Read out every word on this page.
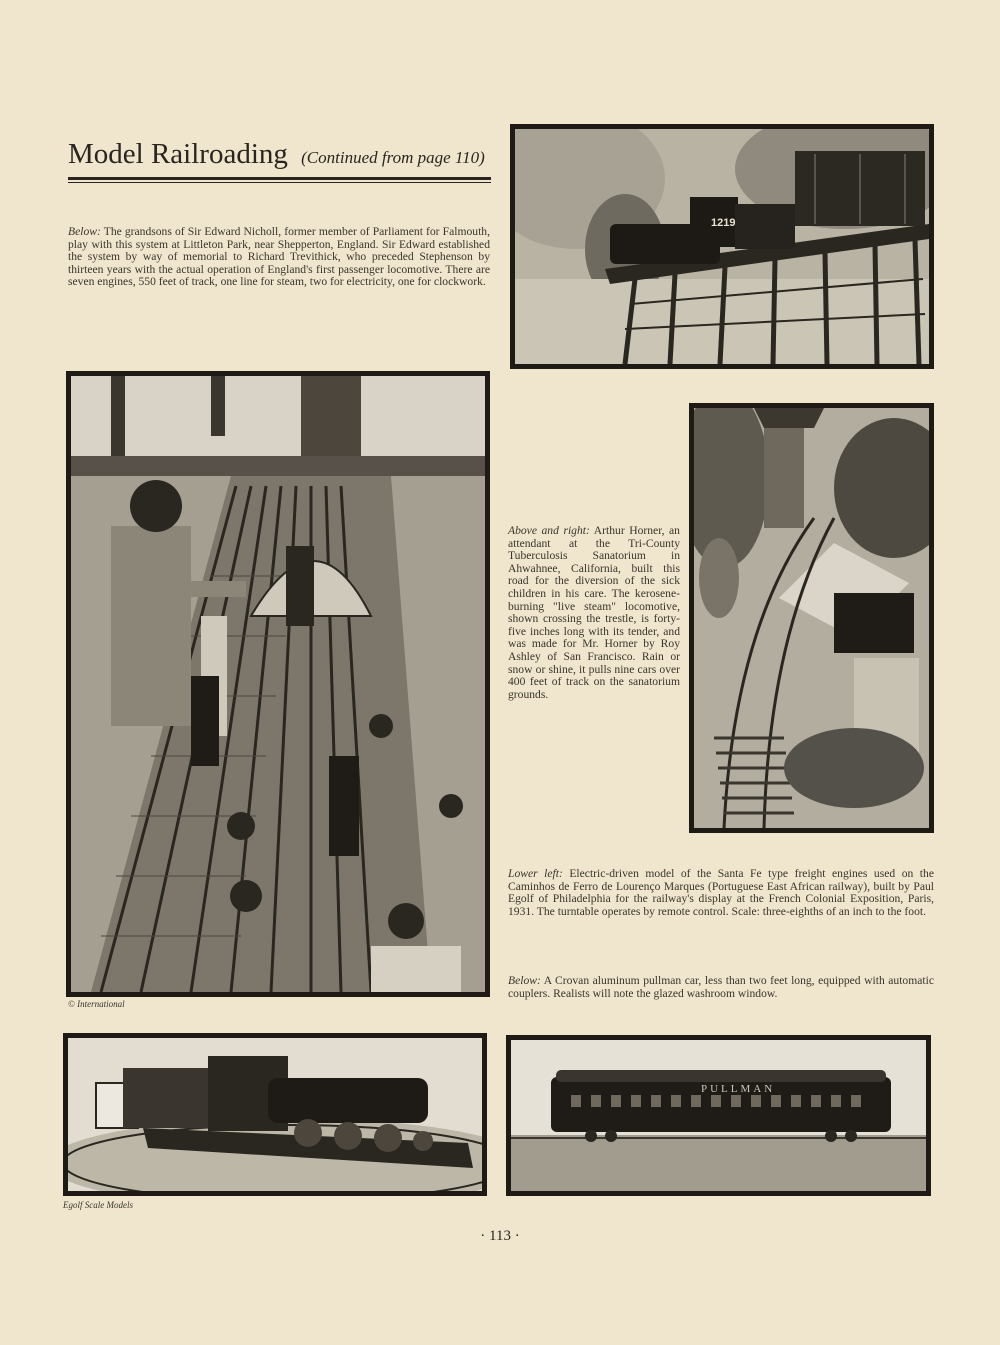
Model Railroading (Continued from page 110)
Below: The grandsons of Sir Edward Nicholl, former member of Parliament for Falmouth, play with this system at Littleton Park, near Shepperton, England. Sir Edward established the system by way of memorial to Richard Trevithick, who preceded Stephenson by thirteen years with the actual operation of England's first passenger locomotive. There are seven engines, 550 feet of track, one line for steam, two for electricity, one for clockwork.
1219
© International
Above and right: Arthur Horner, an attendant at the Tri-County Tuberculosis Sanatorium in Ahwahnee, California, built this road for the diversion of the sick children in his care. The kerosene-burning "live steam" locomotive, shown crossing the trestle, is forty-five inches long with its tender, and was made for Mr. Horner by Roy Ashley of San Francisco. Rain or snow or shine, it pulls nine cars over 400 feet of track on the sanatorium grounds.
Lower left: Electric-driven model of the Santa Fe type freight engines used on the Caminhos de Ferro de Lourenço Marques (Portuguese East African railway), built by Paul Egolf of Philadelphia for the railway's display at the French Colonial Exposition, Paris, 1931. The turntable operates by remote control. Scale: three-eighths of an inch to the foot.
Below: A Crovan aluminum pullman car, less than two feet long, equipped with automatic couplers. Realists will note the glazed washroom window.
Egolf Scale Models
PULLMAN
· 113 ·
